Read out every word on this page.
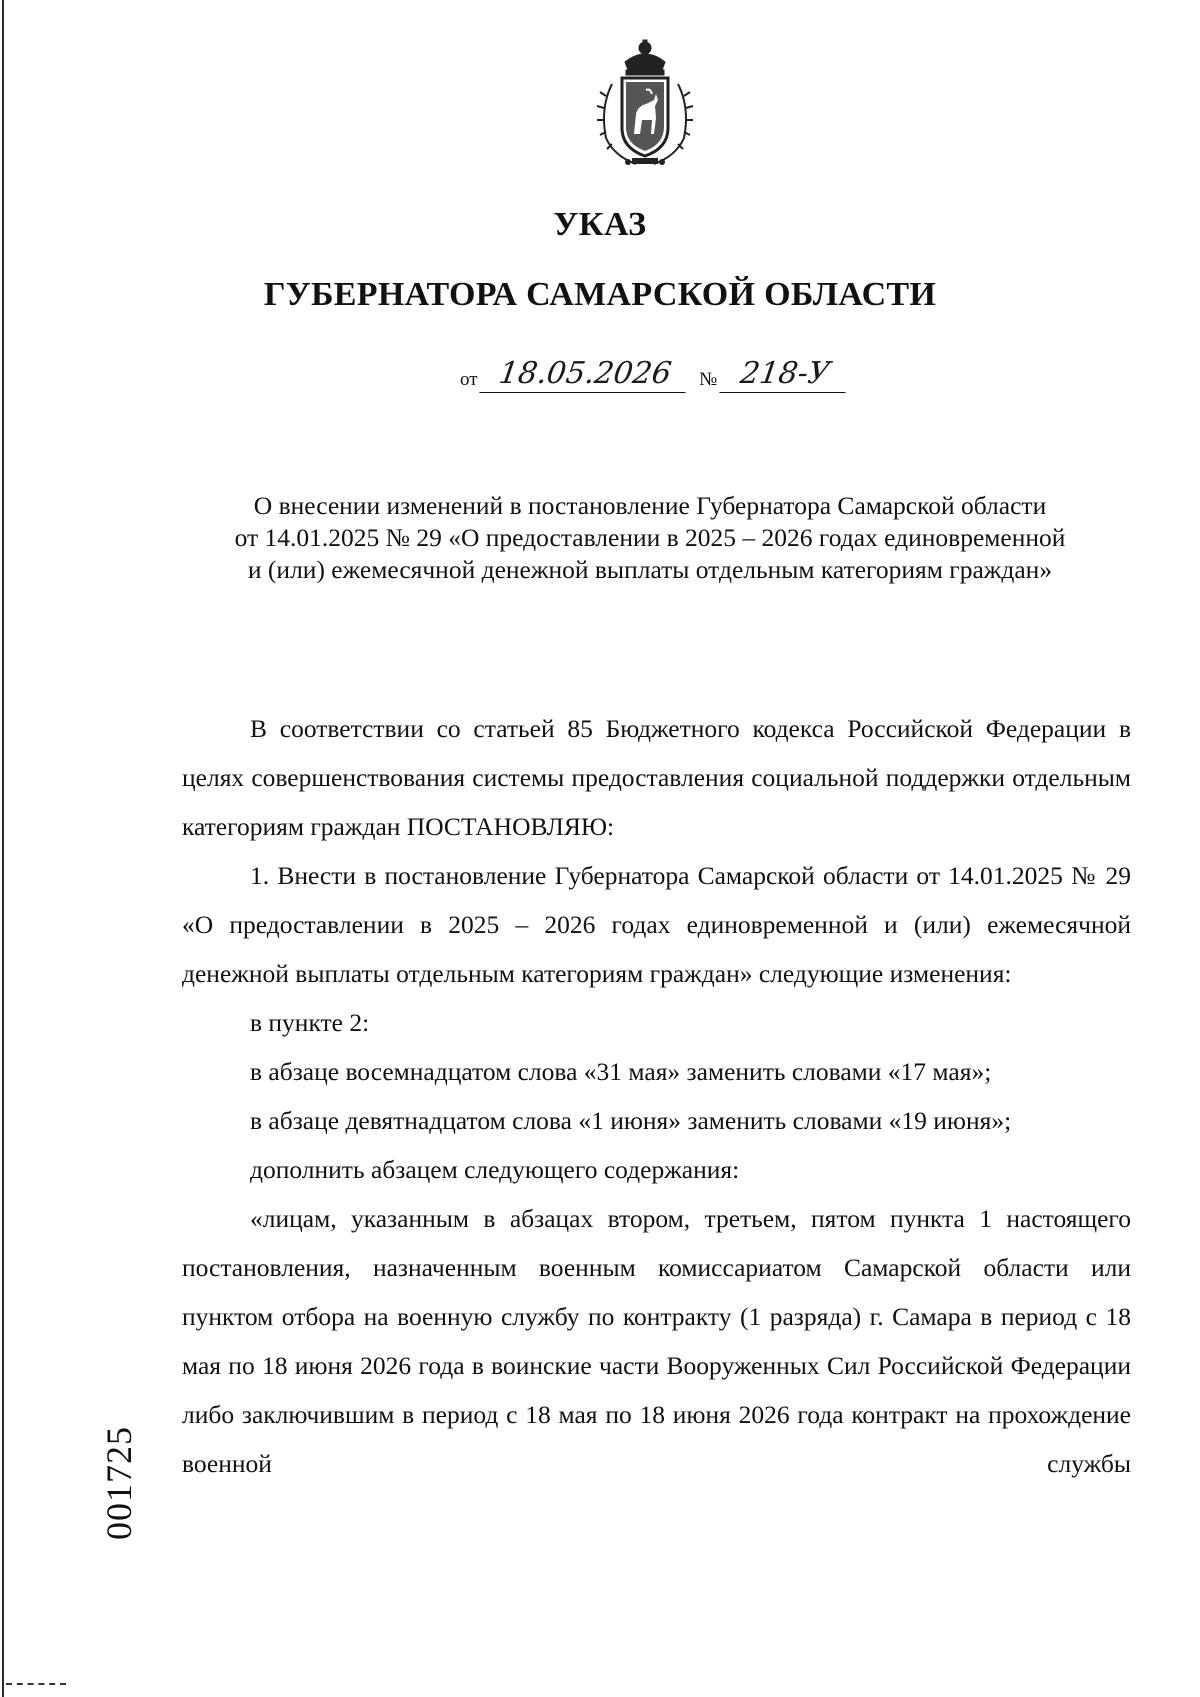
УКАЗ
ГУБЕРНАТОРА САМАРСКОЙ ОБЛАСТИ
от 18.05.2026 № 218-У
О внесении изменений в постановление Губернатора Самарской области
от 14.01.2025 № 29 «О предоставлении в 2025 – 2026 годах единовременной
и (или) ежемесячной денежной выплаты отдельным категориям граждан»

В соответствии со статьей 85 Бюджетного кодекса Российской Федерации в целях совершенствования системы предоставления социальной поддержки отдельным категориям граждан ПОСТАНОВЛЯЮ:

1. Внести в постановление Губернатора Самарской области от 14.01.2025 № 29 «О предоставлении в 2025 – 2026 годах единовременной и (или) ежемесячной денежной выплаты отдельным категориям граждан» следующие изменения:

в пункте 2:

в абзаце восемнадцатом слова «31 мая» заменить словами «17 мая»;

в абзаце девятнадцатом слова «1 июня» заменить словами «19 июня»;

дополнить абзацем следующего содержания:

«лицам, указанным в абзацах втором, третьем, пятом пункта 1 настоящего постановления, назначенным военным комиссариатом Самарской области или пунктом отбора на военную службу по контракту (1 разряда) г. Самара в период с 18 мая по 18 июня 2026 года в воинские части Вооруженных Сил Российской Федерации либо заключившим в период с 18 мая по 18 июня 2026 года контракт на прохождение военной службы

001725
